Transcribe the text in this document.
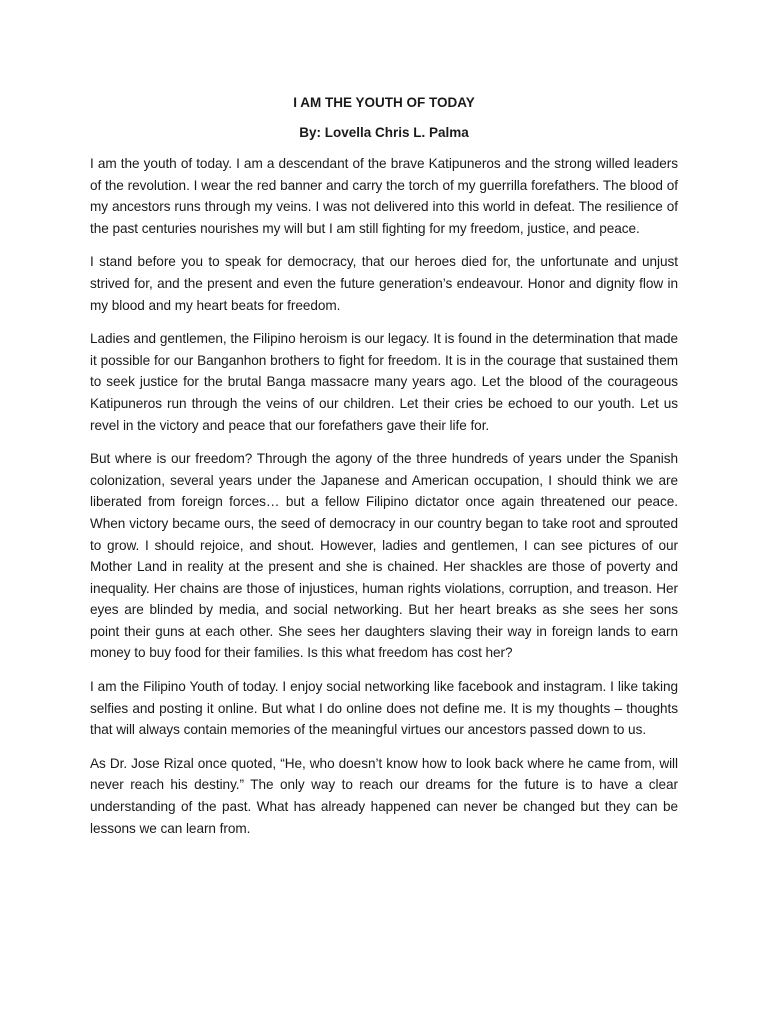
I AM THE YOUTH OF TODAY
By: Lovella Chris L. Palma

I am the youth of today. I am a descendant of the brave Katipuneros and the strong willed leaders of the revolution. I wear the red banner and carry the torch of my guerrilla forefathers. The blood of my ancestors runs through my veins. I was not delivered into this world in defeat. The resilience of the past centuries nourishes my will but I am still fighting for my freedom, justice, and peace.

I stand before you to speak for democracy, that our heroes died for, the unfortunate and unjust strived for, and the present and even the future generation’s endeavour. Honor and dignity flow in my blood and my heart beats for freedom.

Ladies and gentlemen, the Filipino heroism is our legacy. It is found in the determination that made it possible for our Banganhon brothers to fight for freedom. It is in the courage that sustained them to seek justice for the brutal Banga massacre many years ago. Let the blood of the courageous Katipuneros run through the veins of our children. Let their cries be echoed to our youth. Let us revel in the victory and peace that our forefathers gave their life for.

But where is our freedom? Through the agony of the three hundreds of years under the Spanish colonization, several years under the Japanese and American occupation, I should think we are liberated from foreign forces… but a fellow Filipino dictator once again threatened our peace. When victory became ours, the seed of democracy in our country began to take root and sprouted to grow. I should rejoice, and shout. However, ladies and gentlemen, I can see pictures of our Mother Land in reality at the present and she is chained. Her shackles are those of poverty and inequality. Her chains are those of injustices, human rights violations, corruption, and treason. Her eyes are blinded by media, and social networking. But her heart breaks as she sees her sons point their guns at each other. She sees her daughters slaving their way in foreign lands to earn money to buy food for their families. Is this what freedom has cost her?

I am the Filipino Youth of today. I enjoy social networking like facebook and instagram. I like taking selfies and posting it online. But what I do online does not define me. It is my thoughts – thoughts that will always contain memories of the meaningful virtues our ancestors passed down to us.

As Dr. Jose Rizal once quoted, “He, who doesn’t know how to look back where he came from, will never reach his destiny.” The only way to reach our dreams for the future is to have a clear understanding of the past. What has already happened can never be changed but they can be lessons we can learn from.
